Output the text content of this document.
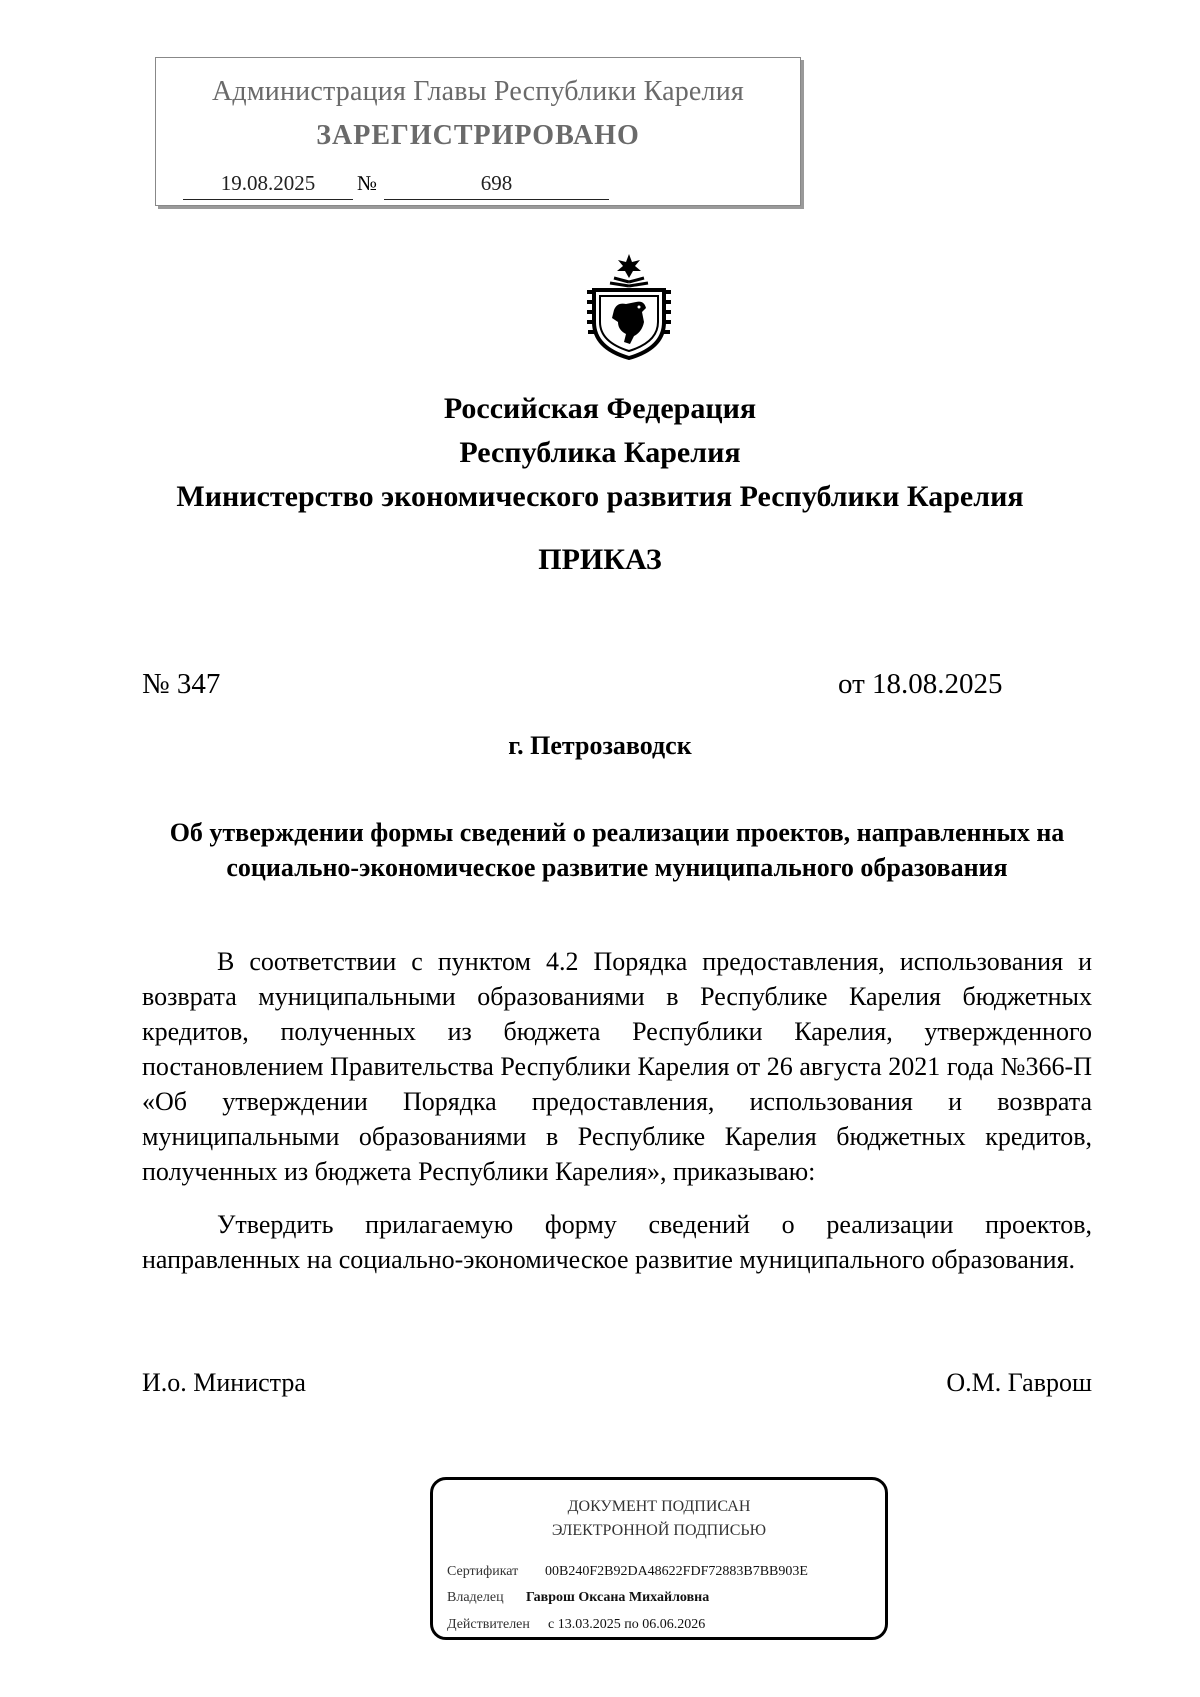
Администрация Главы Республики Карелия
ЗАРЕГИСТРИРОВАНО
19.08.2025	№	698
Российская Федерация
Республика Карелия
Министерство экономического развития Республики Карелия
ПРИКАЗ
№ 347	от 18.08.2025
г. Петрозаводск
Об утверждении формы сведений о реализации проектов, направленных на социально-экономическое развитие муниципального образования
В соответствии с пунктом 4.2 Порядка предоставления, использования и возврата муниципальными образованиями в Республике Карелия бюджетных кредитов, полученных из бюджета Республики Карелия, утвержденного постановлением Правительства Республики Карелия от 26 августа 2021 года №366-П «Об утверждении Порядка предоставления, использования и возврата муниципальными образованиями в Республике Карелия бюджетных кредитов, полученных из бюджета Республики Карелия», приказываю:
Утвердить прилагаемую форму сведений о реализации проектов, направленных на социально-экономическое развитие муниципального образования.
И.о. Министра	О.М. Гаврош
ДОКУМЕНТ ПОДПИСАН
ЭЛЕКТРОННОЙ ПОДПИСЬЮ
Сертификат 00B240F2B92DA48622FDF72883B7BB903E
Владелец Гаврош Оксана Михайловна
Действителен с 13.03.2025 по 06.06.2026
